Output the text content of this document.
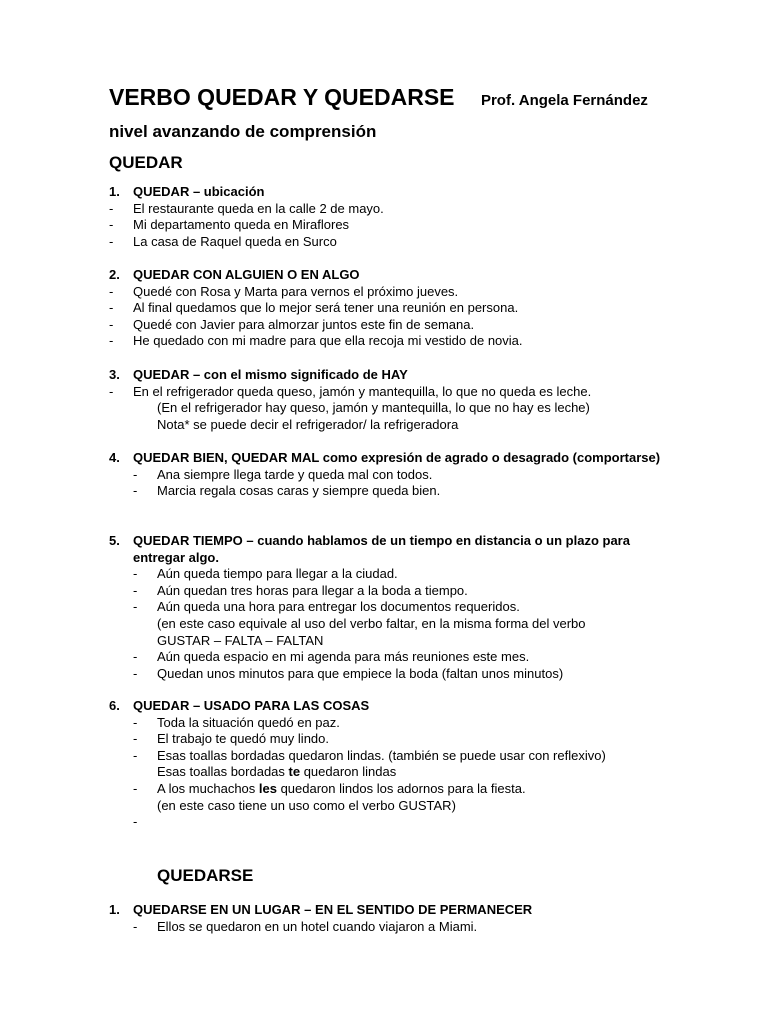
VERBO QUEDAR Y QUEDARSE Prof. Angela Fernández
nivel avanzando de comprensión
QUEDAR
1.	QUEDAR – ubicación
-	El restaurante queda en la calle 2 de mayo.
-	Mi departamento queda en Miraflores
-	La casa de Raquel queda en Surco
2.	QUEDAR CON ALGUIEN O EN ALGO
-	Quedé con Rosa y Marta para vernos el próximo jueves.
-	Al final quedamos que lo mejor será tener una reunión en persona.
-	Quedé con Javier para almorzar juntos este fin de semana.
-	He quedado con mi madre para que ella recoja mi vestido de novia.
3.	QUEDAR – con el mismo significado de HAY
-	En el refrigerador queda queso, jamón y mantequilla, lo que no queda es leche.
(En el refrigerador hay queso, jamón y mantequilla, lo que no hay es leche)
Nota* se puede decir el refrigerador/ la refrigeradora
4.	QUEDAR BIEN, QUEDAR MAL como expresión de agrado o desagrado (comportarse)
-	Ana siempre llega tarde y queda mal con todos.
-	Marcia regala cosas caras y siempre queda bien.
5.	QUEDAR TIEMPO – cuando hablamos de un tiempo en distancia o un plazo para entregar algo.
-	Aún queda tiempo para llegar a la ciudad.
-	Aún quedan tres horas para llegar a la boda a tiempo.
-	Aún queda una hora para entregar los documentos requeridos.
(en este caso equivale al uso del verbo faltar, en la misma forma del verbo
GUSTAR – FALTA – FALTAN
-	Aún queda espacio en mi agenda para más reuniones este mes.
-	Quedan unos minutos para que empiece la boda (faltan unos minutos)
6.	QUEDAR – USADO PARA LAS COSAS
-	Toda la situación quedó en paz.
-	El trabajo te quedó muy lindo.
-	Esas toallas bordadas quedaron lindas. (también se puede usar con reflexivo)
Esas toallas bordadas te quedaron lindas
-	A los muchachos les quedaron lindos los adornos para la fiesta.
(en este caso tiene un uso como el verbo GUSTAR)
-
QUEDARSE
1.	QUEDARSE EN UN LUGAR – EN EL SENTIDO DE PERMANECER
-	Ellos se quedaron en un hotel cuando viajaron a Miami.
